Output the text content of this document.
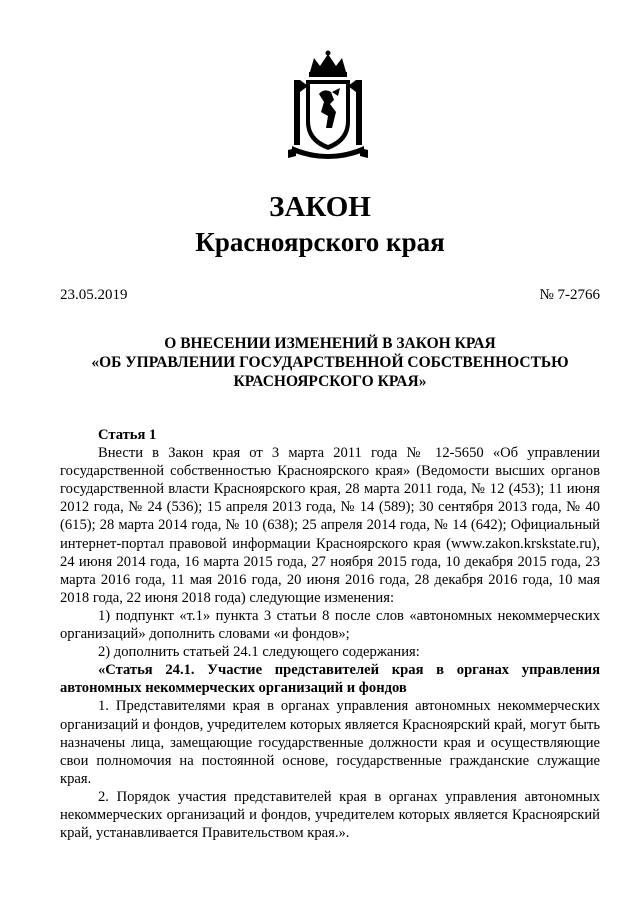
ЗАКОН
Красноярского края
23.05.2019	№ 7-2766
О ВНЕСЕНИИ ИЗМЕНЕНИЙ В ЗАКОН КРАЯ
«ОБ УПРАВЛЕНИИ ГОСУДАРСТВЕННОЙ СОБСТВЕННОСТЬЮ
КРАСНОЯРСКОГО КРАЯ»
Статья 1
Внести в Закон края от 3 марта 2011 года № 12-5650 «Об управлении государственной собственностью Красноярского края» (Ведомости высших органов государственной власти Красноярского края, 28 марта 2011 года, № 12 (453); 11 июня 2012 года, № 24 (536); 15 апреля 2013 года, № 14 (589); 30 сентября 2013 года, № 40 (615); 28 марта 2014 года, № 10 (638); 25 апреля 2014 года, № 14 (642); Официальный интернет-портал правовой информации Красноярского края (www.zakon.krskstate.ru), 24 июня 2014 года, 16 марта 2015 года, 27 ноября 2015 года, 10 декабря 2015 года, 23 марта 2016 года, 11 мая 2016 года, 20 июня 2016 года, 28 декабря 2016 года, 10 мая 2018 года, 22 июня 2018 года) следующие изменения:
1) подпункт «т.1» пункта 3 статьи 8 после слов «автономных некоммерческих организаций» дополнить словами «и фондов»;
2) дополнить статьей 24.1 следующего содержания:
«Статья 24.1. Участие представителей края в органах управления автономных некоммерческих организаций и фондов
1. Представителями края в органах управления автономных некоммерческих организаций и фондов, учредителем которых является Красноярский край, могут быть назначены лица, замещающие государственные должности края и осуществляющие свои полномочия на постоянной основе, государственные гражданские служащие края.
2. Порядок участия представителей края в органах управления автономных некоммерческих организаций и фондов, учредителем которых является Красноярский край, устанавливается Правительством края.».
